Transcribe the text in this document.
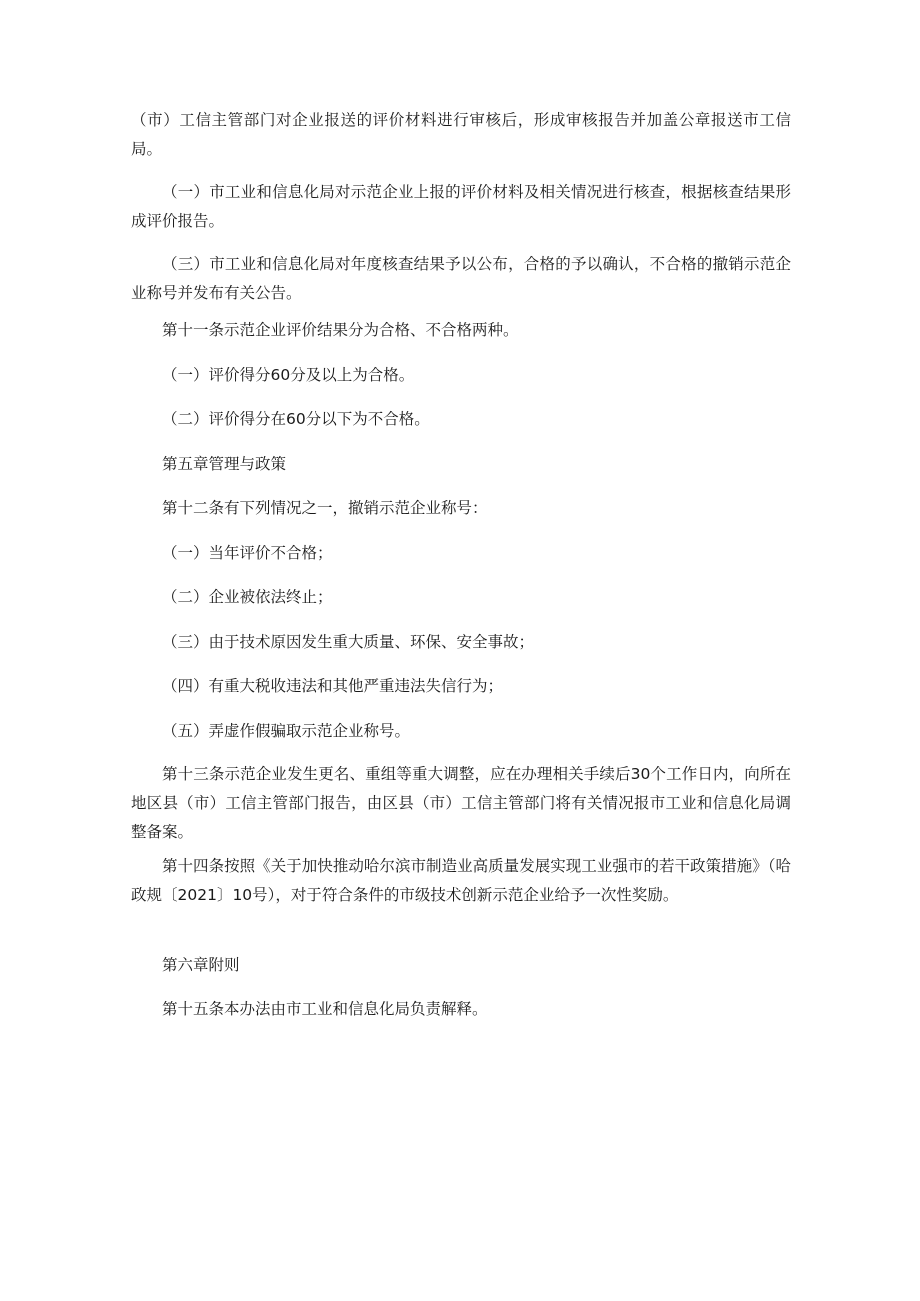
（市）工信主管部门对企业报送的评价材料进行审核后，形成审核报告并加盖公章报送市工信局。

（一）市工业和信息化局对示范企业上报的评价材料及相关情况进行核查，根据核查结果形成评价报告。

（三）市工业和信息化局对年度核查结果予以公布，合格的予以确认，不合格的撤销示范企业称号并发布有关公告。

第十一条示范企业评价结果分为合格、不合格两种。

（一）评价得分60分及以上为合格。

（二）评价得分在60分以下为不合格。

第五章管理与政策

第十二条有下列情况之一，撤销示范企业称号：

（一）当年评价不合格；

（二）企业被依法终止；

（三）由于技术原因发生重大质量、环保、安全事故；

（四）有重大税收违法和其他严重违法失信行为；

（五）弄虚作假骗取示范企业称号。

第十三条示范企业发生更名、重组等重大调整，应在办理相关手续后30个工作日内，向所在地区县（市）工信主管部门报告，由区县（市）工信主管部门将有关情况报市工业和信息化局调整备案。

第十四条按照《关于加快推动哈尔滨市制造业高质量发展实现工业强市的若干政策措施》（哈政规〔2021〕10号），对于符合条件的市级技术创新示范企业给予一次性奖励。

第六章附则

第十五条本办法由市工业和信息化局负责解释。
